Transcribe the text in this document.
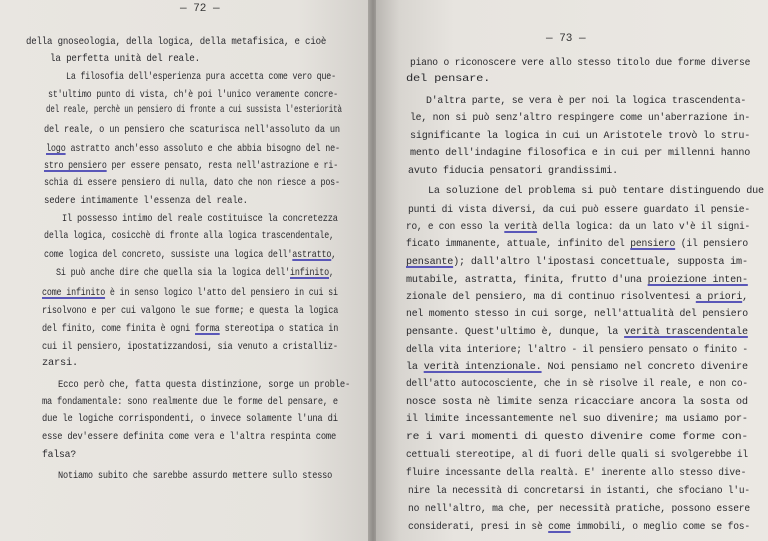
— 72 —
della gnoseologia, della logica, della metafisica, e cioè
la perfetta unità del reale.
La filosofia dell'esperienza pura accetta come vero que-
st'ultimo punto di vista, ch'è poi l'unico veramente concre-
del reale, perchè un pensiero di fronte a cui sussista l'esteriorità
del reale, o un pensiero che scaturisca nell'assoluto da un
logo astratto anch'esso assoluto e che abbia bisogno del ne-
stro pensiero per essere pensato, resta nell'astrazione e ri-
schia di essere pensiero di nulla, dato che non riesce a pos-
sedere intimamente l'essenza del reale.
Il possesso intimo del reale costituisce la concretezza
della logica, cosicchè di fronte alla logica trascendentale,
come logica del concreto, sussiste una logica dell'astratto,
Si può anche dire che quella sia la logica dell'infinito,
come infinito è in senso logico l'atto del pensiero in cui si
risolvono e per cui valgono le sue forme; e questa la logica
del finito, come finita è ogni forma stereotipa o statica in
cui il pensiero, ipostatizzandosi, sia venuto a cristalliz-
zarsi.
Ecco però che, fatta questa distinzione, sorge un proble-
ma fondamentale: sono realmente due le forme del pensare, e
due le logiche corrispondenti, o invece solamente l'una di
esse dev'essere definita come vera e l'altra respinta come
falsa?
Notiamo subito che sarebbe assurdo mettere sullo stesso
piano o riconoscere vere allo stesso titolo due forme diverse
del pensare.
D'altra parte, se vera è per noi la logica trascendenta-
le, non si può senz'altro respingere come un'aberrazione in-
significante la logica in cui un Aristotele trovò lo stru-
mento dell'indagine filosofica e in cui per millenni hanno
avuto fiducia pensatori grandissimi.
La soluzione del problema si può tentare distinguendo due
punti di vista diversi, da cui può essere guardato il pensie-
ro, e con esso la verità della logica: da un lato v'è il signi-
ficato immanente, attuale, infinito del pensiero (il pensiero
pensante); dall'altro l'ipostasi concettuale, supposta im-
mutabile, astratta, finita, frutto d'una proiezione inten-
zionale del pensiero, ma di continuo risolventesi a priori,
nel momento stesso in cui sorge, nell'attualità del pensiero
pensante. Quest'ultimo è, dunque, la verità trascendentale
della vita interiore; l'altro - il pensiero pensato o finito -
la verità intenzionale. Noi pensiamo nel concreto divenire
dell'atto autocosciente, che in sè risolve il reale, e non co-
nosce sosta nè limite senza ricacciare ancora la sosta od
il limite incessantemente nel suo divenire; ma usiamo por-
re i vari momenti di questo divenire come forme con-
cettuali stereotipe, al di fuori delle quali si svolgerebbe il
fluire incessante della realtà. E' inerente allo stesso dive-
nire la necessità di concretarsi in istanti, che sfociano l'u-
no nell'altro, ma che, per necessità pratiche, possono essere
considerati, presi in sè come immobili, o meglio come se fos-
— 73 —
